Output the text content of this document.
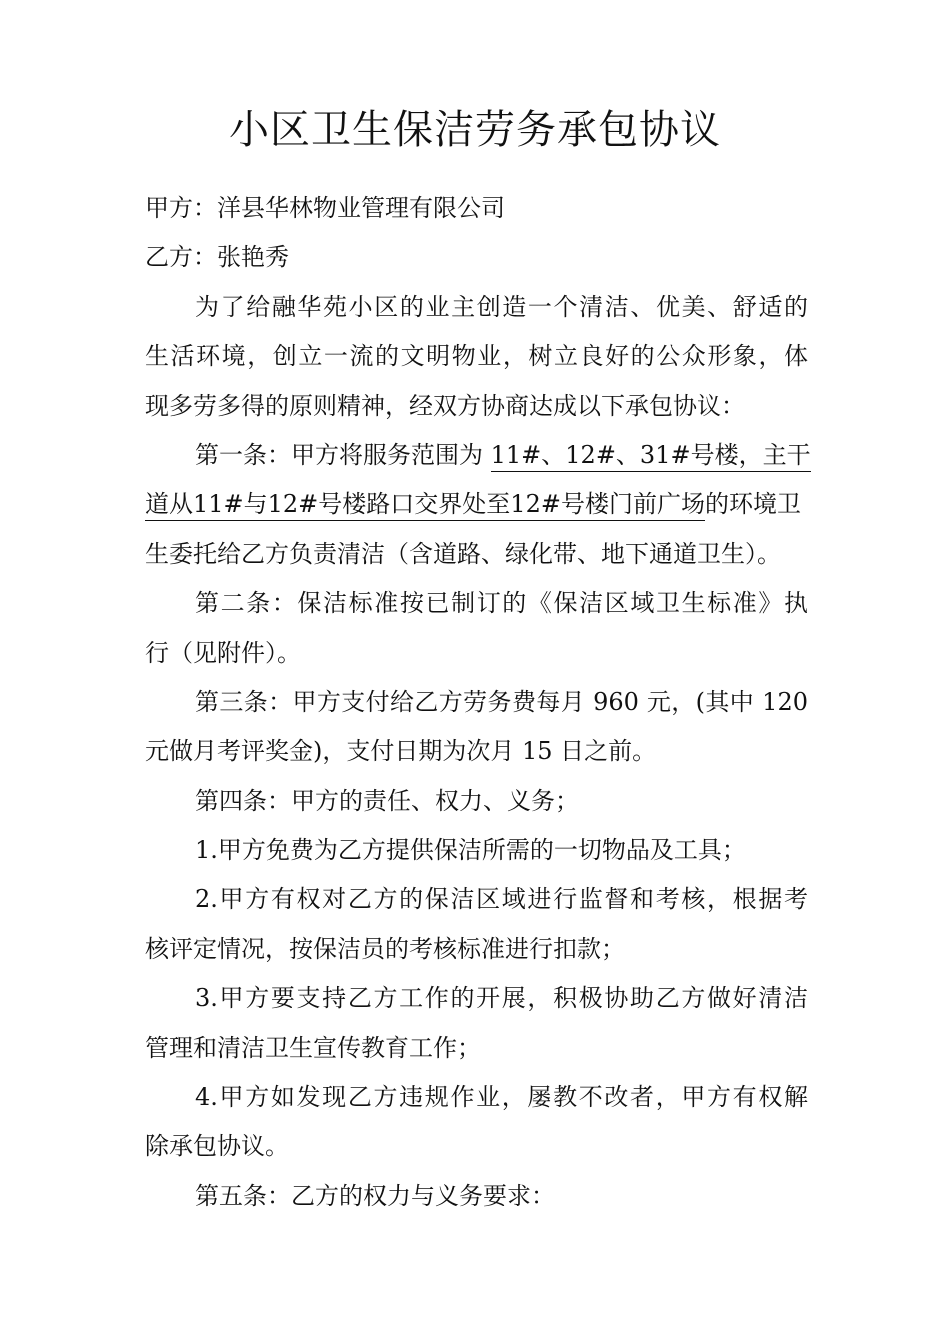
小区卫生保洁劳务承包协议
甲方：洋县华林物业管理有限公司
乙方：张艳秀
为了给融华苑小区的业主创造一个清洁、优美、舒适的
生活环境，创立一流的文明物业，树立良好的公众形象，体
现多劳多得的原则精神，经双方协商达成以下承包协议：
第一条：甲方将服务范围为 11#、12#、31#号楼，主干
道从11#与12#号楼路口交界处至12#号楼门前广场的环境卫
生委托给乙方负责清洁（含道路、绿化带、地下通道卫生）。
第二条：保洁标准按已制订的《保洁区域卫生标准》执
行（见附件）。
第三条：甲方支付给乙方劳务费每月 960 元，(其中 120
元做月考评奖金)，支付日期为次月 15 日之前。
第四条：甲方的责任、权力、义务；
1.甲方免费为乙方提供保洁所需的一切物品及工具；
2.甲方有权对乙方的保洁区域进行监督和考核，根据考
核评定情况，按保洁员的考核标准进行扣款；
3.甲方要支持乙方工作的开展，积极协助乙方做好清洁
管理和清洁卫生宣传教育工作；
4.甲方如发现乙方违规作业，屡教不改者，甲方有权解
除承包协议。
第五条：乙方的权力与义务要求：
